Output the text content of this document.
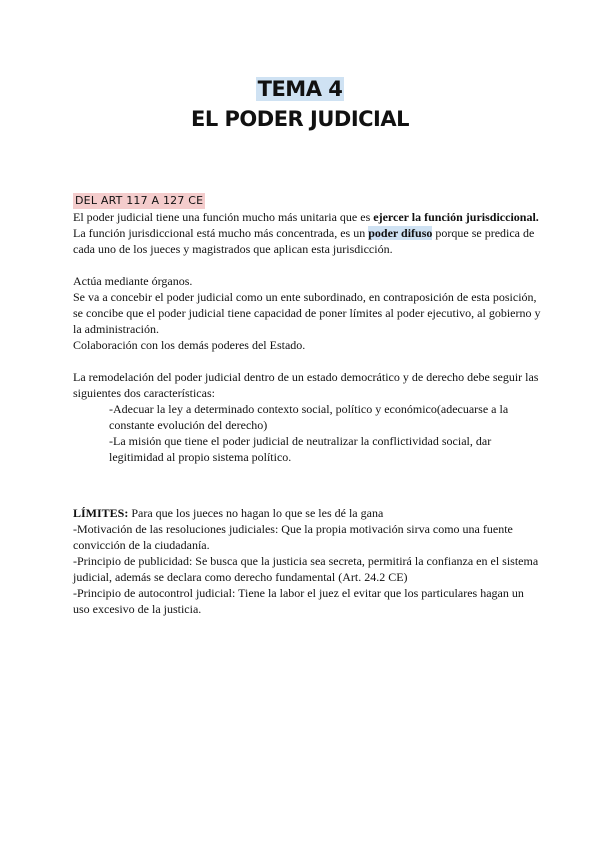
TEMA 4
EL PODER JUDICIAL
DEL ART 117 A 127 CE

El poder judicial tiene una función mucho más unitaria que es ejercer la función jurisdiccional.

La función jurisdiccional está mucho más concentrada, es un poder difuso porque se predica de cada uno de los jueces y magistrados que aplican esta jurisdicción.

Actúa mediante órganos.

Se va a concebir el poder judicial como un ente subordinado, en contraposición de esta posición, se concibe que el poder judicial tiene capacidad de poner límites al poder ejecutivo, al gobierno y la administración.

Colaboración con los demás poderes del Estado.

La remodelación del poder judicial dentro de un estado democrático y de derecho debe seguir las siguientes dos características:

-Adecuar la ley a determinado contexto social, político y económico(adecuarse a la constante evolución del derecho)

-La misión que tiene el poder judicial de neutralizar la conflictividad social, dar legitimidad al propio sistema político.

LÍMITES: Para que los jueces no hagan lo que se les dé la gana

-Motivación de las resoluciones judiciales: Que la propia motivación sirva como una fuente convicción de la ciudadanía.

-Principio de publicidad: Se busca que la justicia sea secreta, permitirá la confianza en el sistema judicial, además se declara como derecho fundamental (Art. 24.2 CE)

-Principio de autocontrol judicial: Tiene la labor el juez el evitar que los particulares hagan un uso excesivo de la justicia.
